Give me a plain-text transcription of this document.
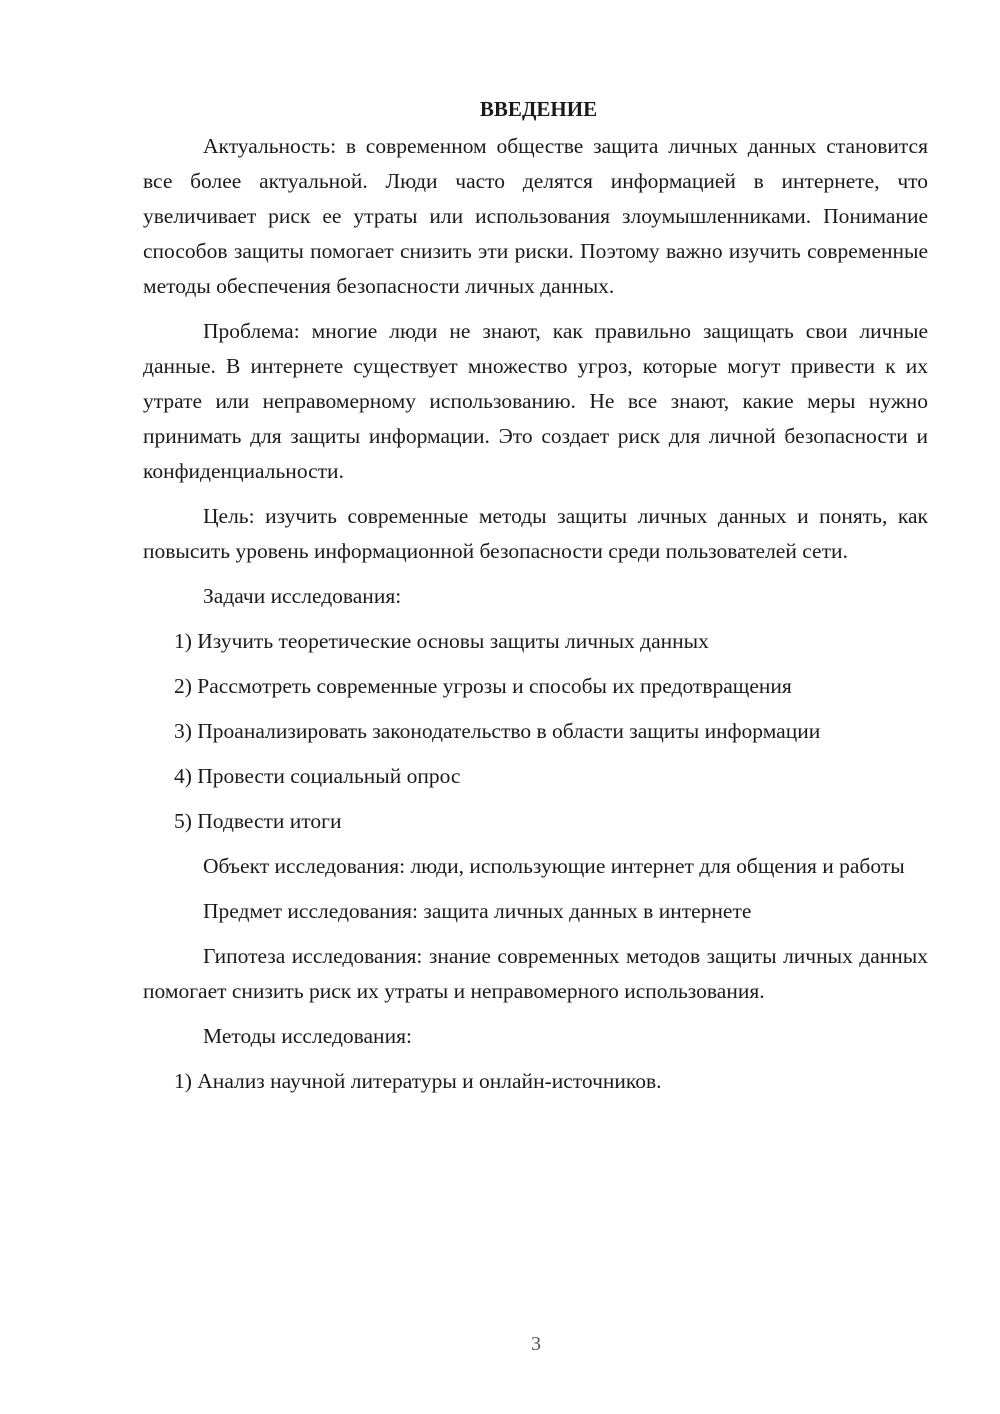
ВВЕДЕНИЕ

Актуальность: в современном обществе защита личных данных становится все более актуальной. Люди часто делятся информацией в интернете, что увеличивает риск ее утраты или использования злоумышленниками. Понимание способов защиты помогает снизить эти риски. Поэтому важно изучить современные методы обеспечения безопасности личных данных.

Проблема: многие люди не знают, как правильно защищать свои личные данные. В интернете существует множество угроз, которые могут привести к их утрате или неправомерному использованию. Не все знают, какие меры нужно принимать для защиты информации. Это создает риск для личной безопасности и конфиденциальности.

Цель: изучить современные методы защиты личных данных и понять, как повысить уровень информационной безопасности среди пользователей сети.

Задачи исследования:

1) Изучить теоретические основы защиты личных данных

2) Рассмотреть современные угрозы и способы их предотвращения

3) Проанализировать законодательство в области защиты информации

4) Провести социальный опрос

5) Подвести итоги

Объект исследования: люди, использующие интернет для общения и работы

Предмет исследования: защита личных данных в интернете

Гипотеза исследования: знание современных методов защиты личных данных помогает снизить риск их утраты и неправомерного использования.

Методы исследования:

1) Анализ научной литературы и онлайн-источников.

3
